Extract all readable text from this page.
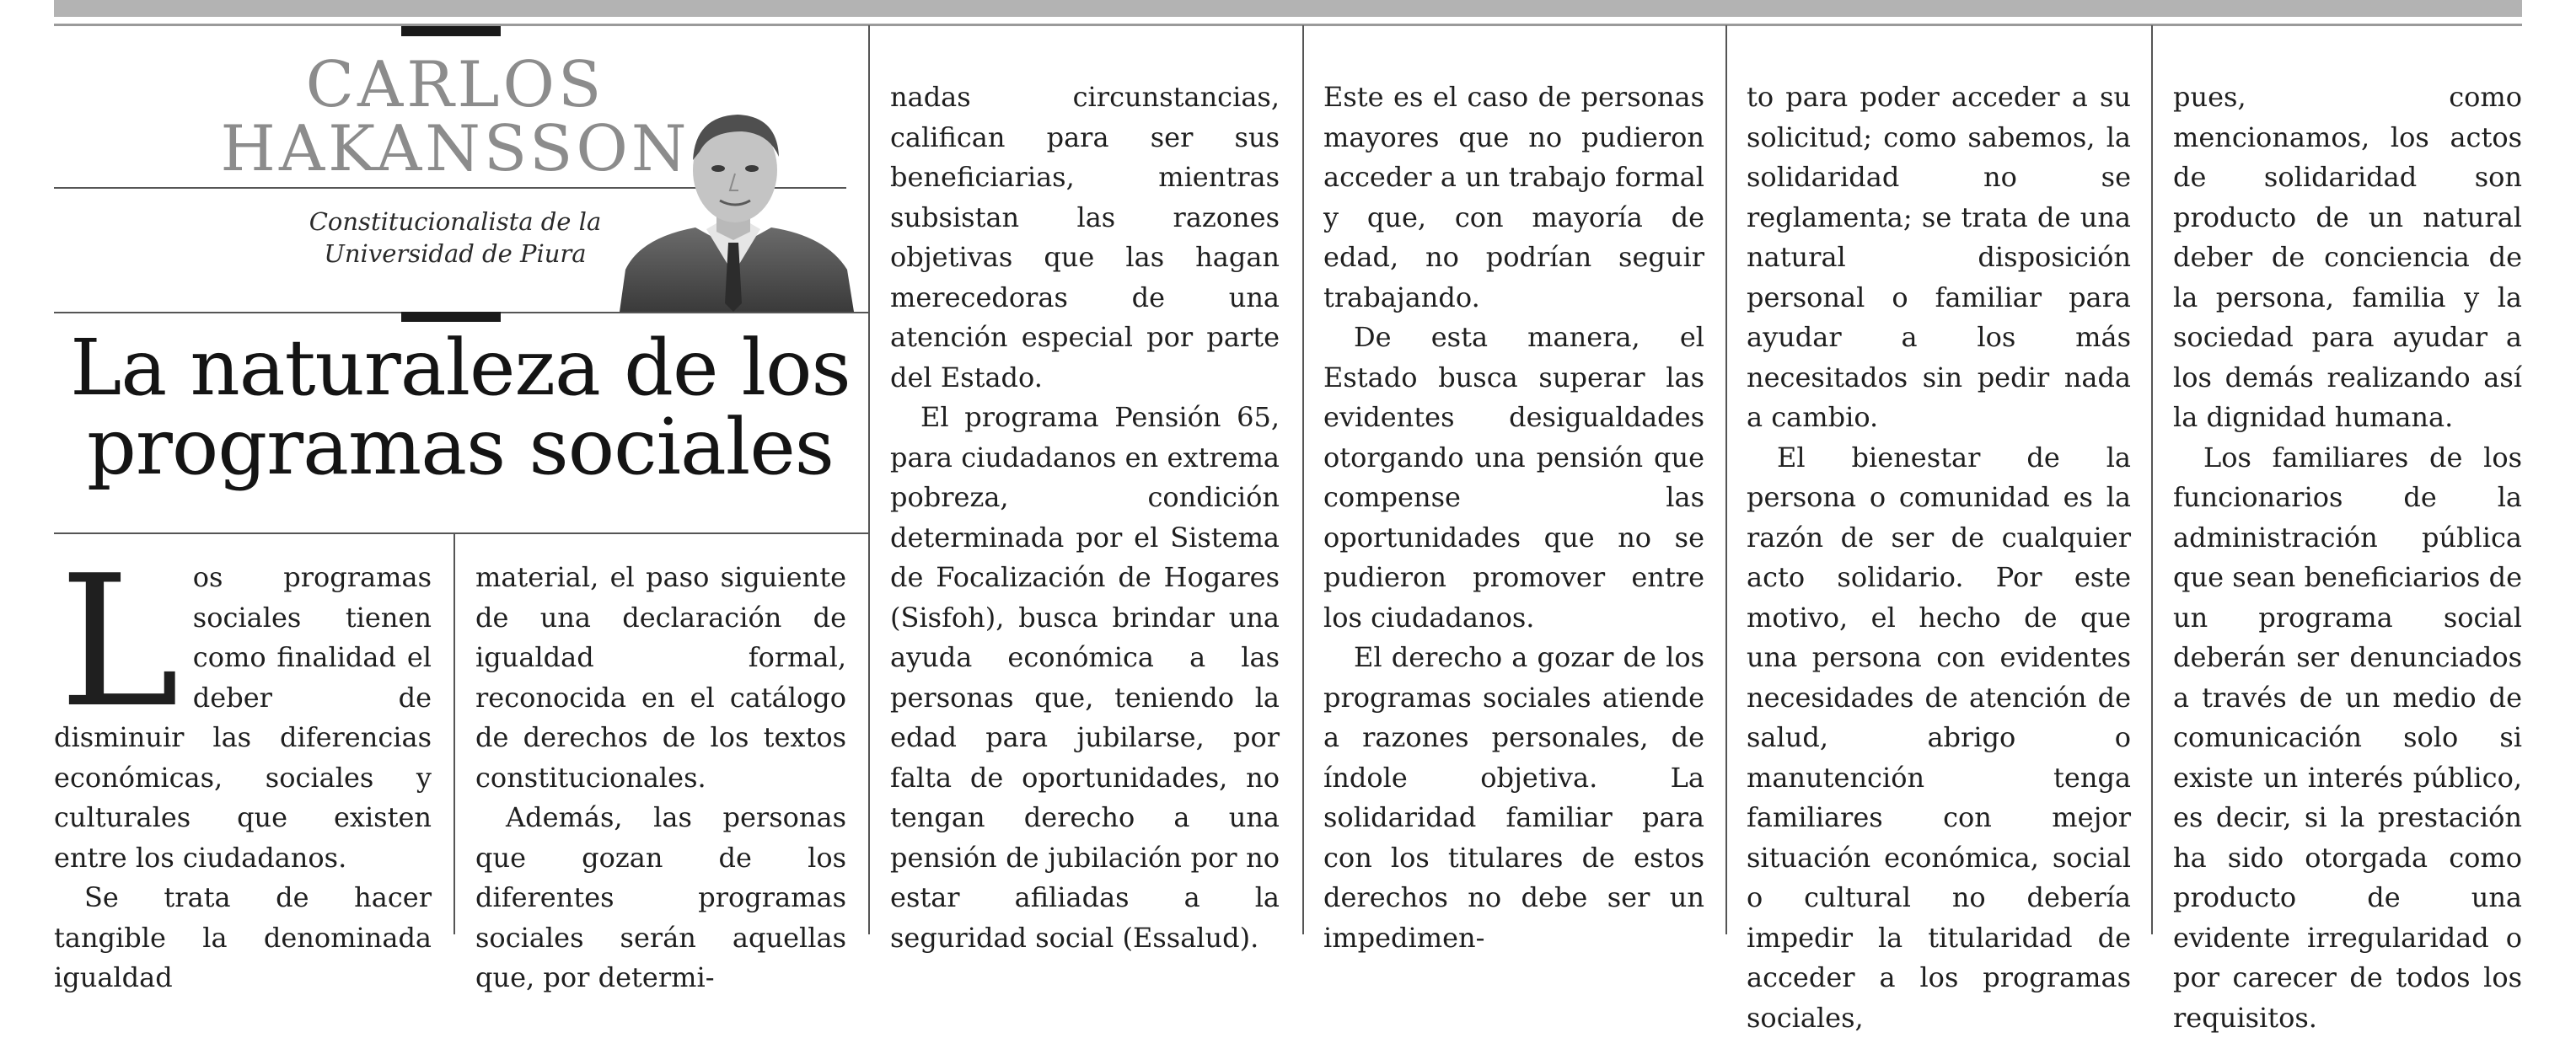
CARLOS
HAKANSSON
Constitucionalista de la
Universidad de Piura
La naturaleza de los
programas sociales
L os programas sociales tienen como finalidad el deber de disminuir las diferencias económicas, sociales y culturales que existen entre los ciudadanos.

Se trata de hacer tangible la denominada igualdad

material, el paso siguiente de una declaración de igualdad formal, reconocida en el catálogo de derechos de los textos constitucionales.

Además, las personas que gozan de los diferentes programas sociales serán aquellas que, por determi-

nadas circunstancias, califican para ser sus beneficiarias, mientras subsistan las razones objetivas que las hagan merecedoras de una atención especial por parte del Estado.

El programa Pensión 65, para ciudadanos en extrema pobreza, condición determinada por el Sistema de Focalización de Hogares (Sisfoh), busca brindar una ayuda económica a las personas que, teniendo la edad para jubilarse, por falta de oportunidades, no tengan derecho a una pensión de jubilación por no estar afiliadas a la seguridad social (Essalud).

Este es el caso de personas mayores que no pudieron acceder a un trabajo formal y que, con mayoría de edad, no podrían seguir trabajando.

De esta manera, el Estado busca superar las evidentes desigualdades otorgando una pensión que compense las oportunidades que no se pudieron promover entre los ciudadanos.

El derecho a gozar de los programas sociales atiende a razones personales, de índole objetiva. La solidaridad familiar para con los titulares de estos derechos no debe ser un impedimen-

to para poder acceder a su solicitud; como sabemos, la solidaridad no se reglamenta; se trata de una natural disposición personal o familiar para ayudar a los más necesitados sin pedir nada a cambio.

El bienestar de la persona o comunidad es la razón de ser de cualquier acto solidario. Por este motivo, el hecho de que una persona con evidentes necesidades de atención de salud, abrigo o manutención tenga familiares con mejor situación económica, social o cultural no debería impedir la titularidad de acceder a los programas sociales,

pues, como mencionamos, los actos de solidaridad son producto de un natural deber de conciencia de la persona, familia y la sociedad para ayudar a los demás realizando así la dignidad humana.

Los familiares de los funcionarios de la administración pública que sean beneficiarios de un programa social deberán ser denunciados a través de un medio de comunicación solo si existe un interés público, es decir, si la prestación ha sido otorgada como producto de una evidente irregularidad o por carecer de todos los requisitos.
